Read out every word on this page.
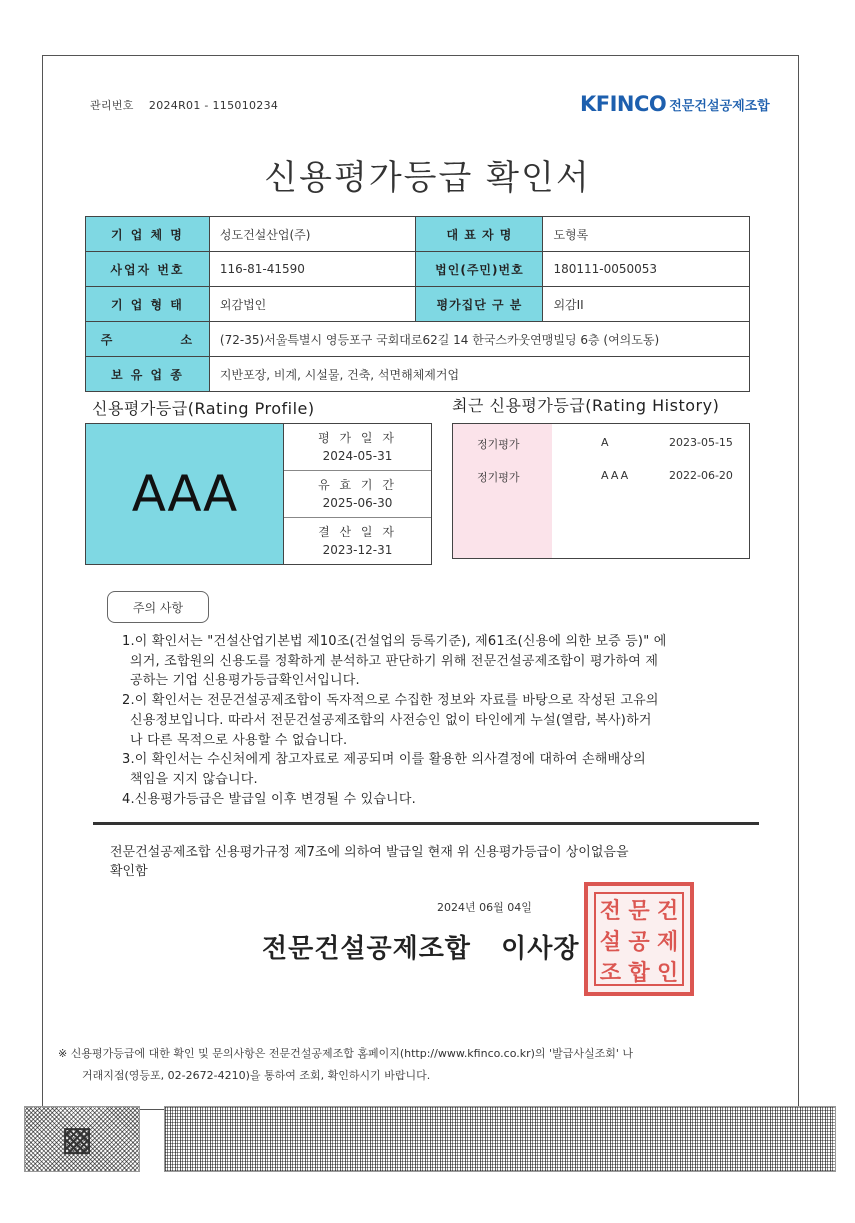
관리번호 2024R01 - 115010234	KFINCO 전문건설공제조합
신용평가등급 확인서
기 업 체 명	성도건설산업(주)	대 표 자 명	도형록
사업자 번호	116-81-41590	법인(주민)번호	180111-0050053
기 업 형 태	외감법인	평가집단 구 분	외감II
주 소	(72-35)서울특별시 영등포구 국회대로62길 14 한국스카웃연맹빌딩 6층 (여의도동)		
보 유 업 종	지반포장, 비계, 시설물, 건축, 석면해체제거업		
신용평가등급(Rating Profile)	최근 신용평가등급(Rating History)
AAA
평 가 일 자
2024-05-31
유 효 기 간
2025-06-30
결 산 일 자
2023-12-31
정기평가	A	2023-05-15
정기평가	AAA	2022-06-20
주의 사항
1.이 확인서는 "건설산업기본법 제10조(건설업의 등록기준), 제61조(신용에 의한 보증 등)" 에
의거, 조합원의 신용도를 정확하게 분석하고 판단하기 위해 전문건설공제조합이 평가하여 제
공하는 기업 신용평가등급확인서입니다.
2.이 확인서는 전문건설공제조합이 독자적으로 수집한 정보와 자료를 바탕으로 작성된 고유의
신용정보입니다. 따라서 전문건설공제조합의 사전승인 없이 타인에게 누설(열람, 복사)하거
나 다른 목적으로 사용할 수 없습니다.
3.이 확인서는 수신처에게 참고자료로 제공되며 이를 활용한 의사결정에 대하여 손해배상의
책임을 지지 않습니다.
4.신용평가등급은 발급일 이후 변경될 수 있습니다.
전문건설공제조합 신용평가규정 제7조에 의하여 발급일 현재 위 신용평가등급이 상이없음을
확인함
2024년 06월 04일	전 문 건
설 공 제
조 합 인
전문건설공제조합   이사장
※ 신용평가등급에 대한 확인 및 문의사항은 전문건설공제조합 홈페이지(http://www.kfinco.co.kr)의 '발급사실조회' 나
거래지점(영등포, 02-2672-4210)을 통하여 조회, 확인하시기 바랍니다.
▩
